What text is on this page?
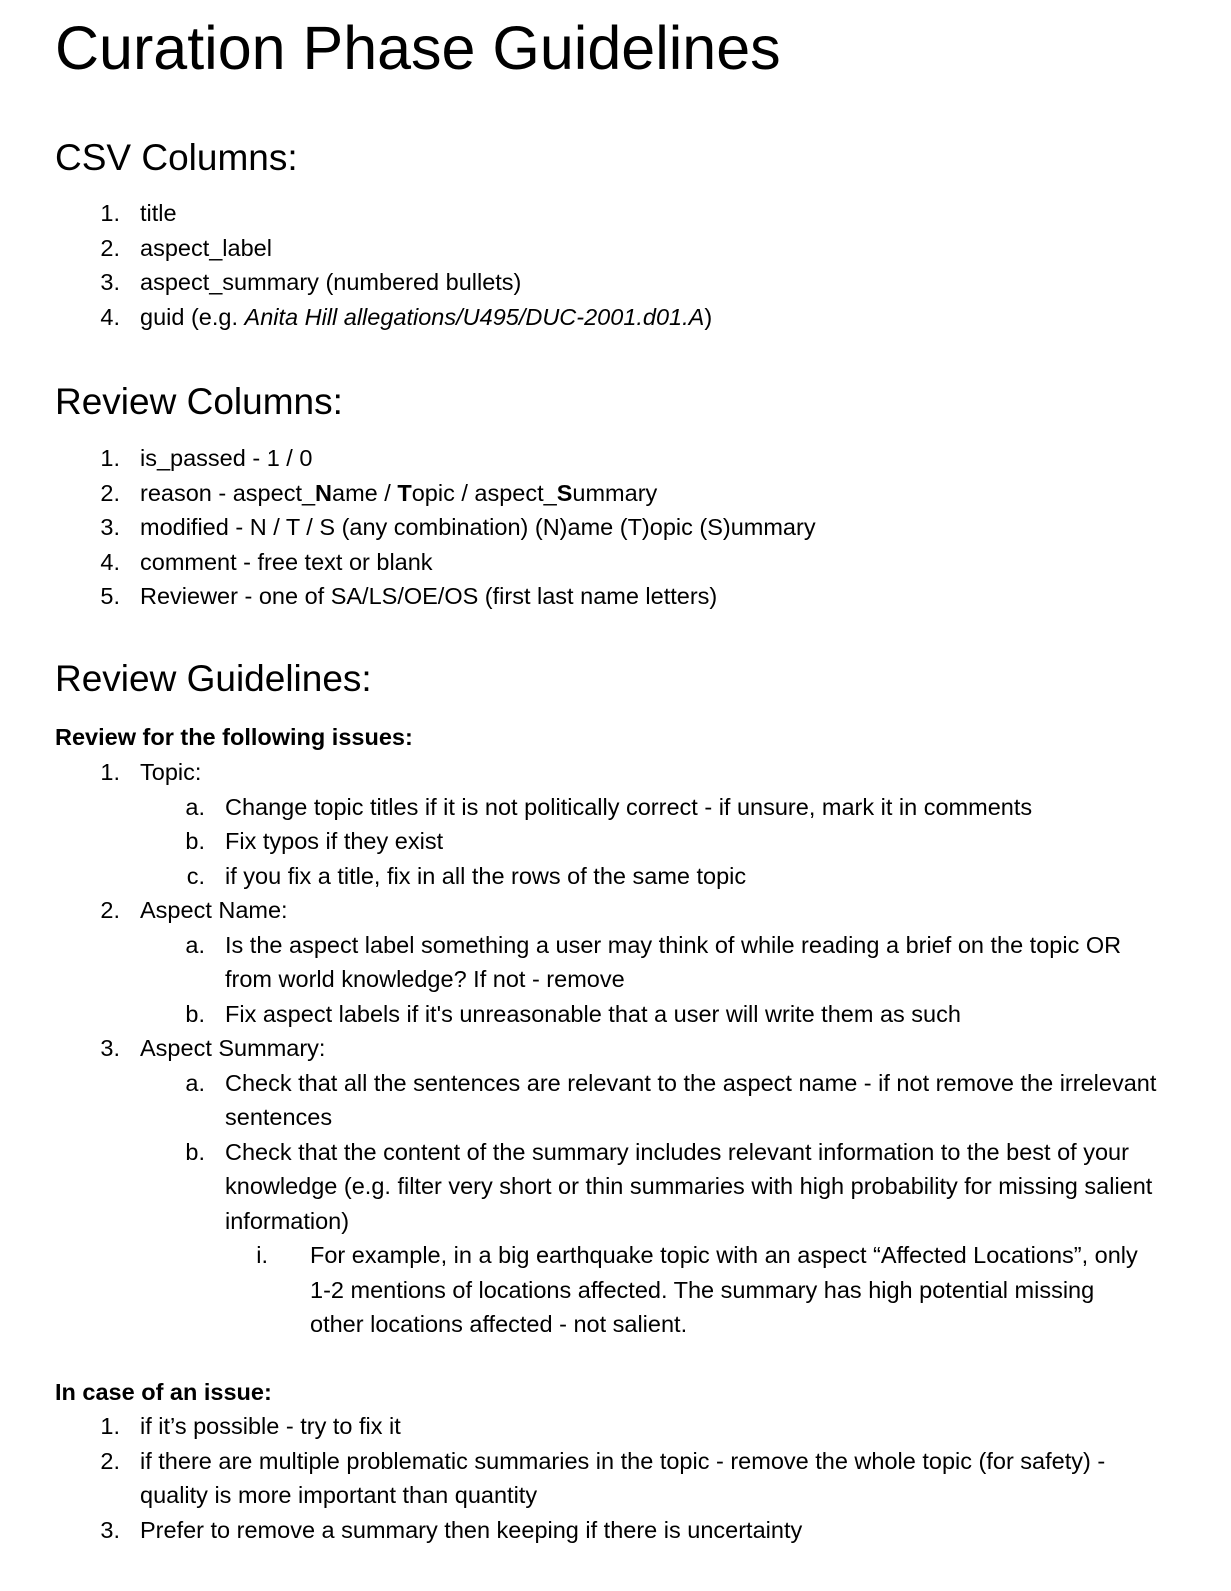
Curation Phase Guidelines
CSV Columns:
1. title
2. aspect_label
3. aspect_summary (numbered bullets)
4. guid (e.g. Anita Hill allegations/U495/DUC-2001.d01.A)
Review Columns:
1. is_passed - 1 / 0
2. reason - aspect_Name / Topic / aspect_Summary
3. modified - N / T / S (any combination) (N)ame (T)opic (S)ummary
4. comment - free text or blank
5. Reviewer - one of SA/LS/OE/OS (first last name letters)
Review Guidelines:

Review for the following issues:

1. Topic:
a. Change topic titles if it is not politically correct - if unsure, mark it in comments
b. Fix typos if they exist
c. if you fix a title, fix in all the rows of the same topic
2. Aspect Name:
a. Is the aspect label something a user may think of while reading a brief on the topic OR from world knowledge? If not - remove
b. Fix aspect labels if it's unreasonable that a user will write them as such
3. Aspect Summary:
a. Check that all the sentences are relevant to the aspect name - if not remove the irrelevant sentences
b. Check that the content of the summary includes relevant information to the best of your knowledge (e.g. filter very short or thin summaries with high probability for missing salient information)
i. For example, in a big earthquake topic with an aspect “Affected Locations”, only 1-2 mentions of locations affected. The summary has high potential missing other locations affected - not salient.

In case of an issue:

1. if it’s possible - try to fix it
2. if there are multiple problematic summaries in the topic - remove the whole topic (for safety) - quality is more important than quantity
3. Prefer to remove a summary then keeping if there is uncertainty
